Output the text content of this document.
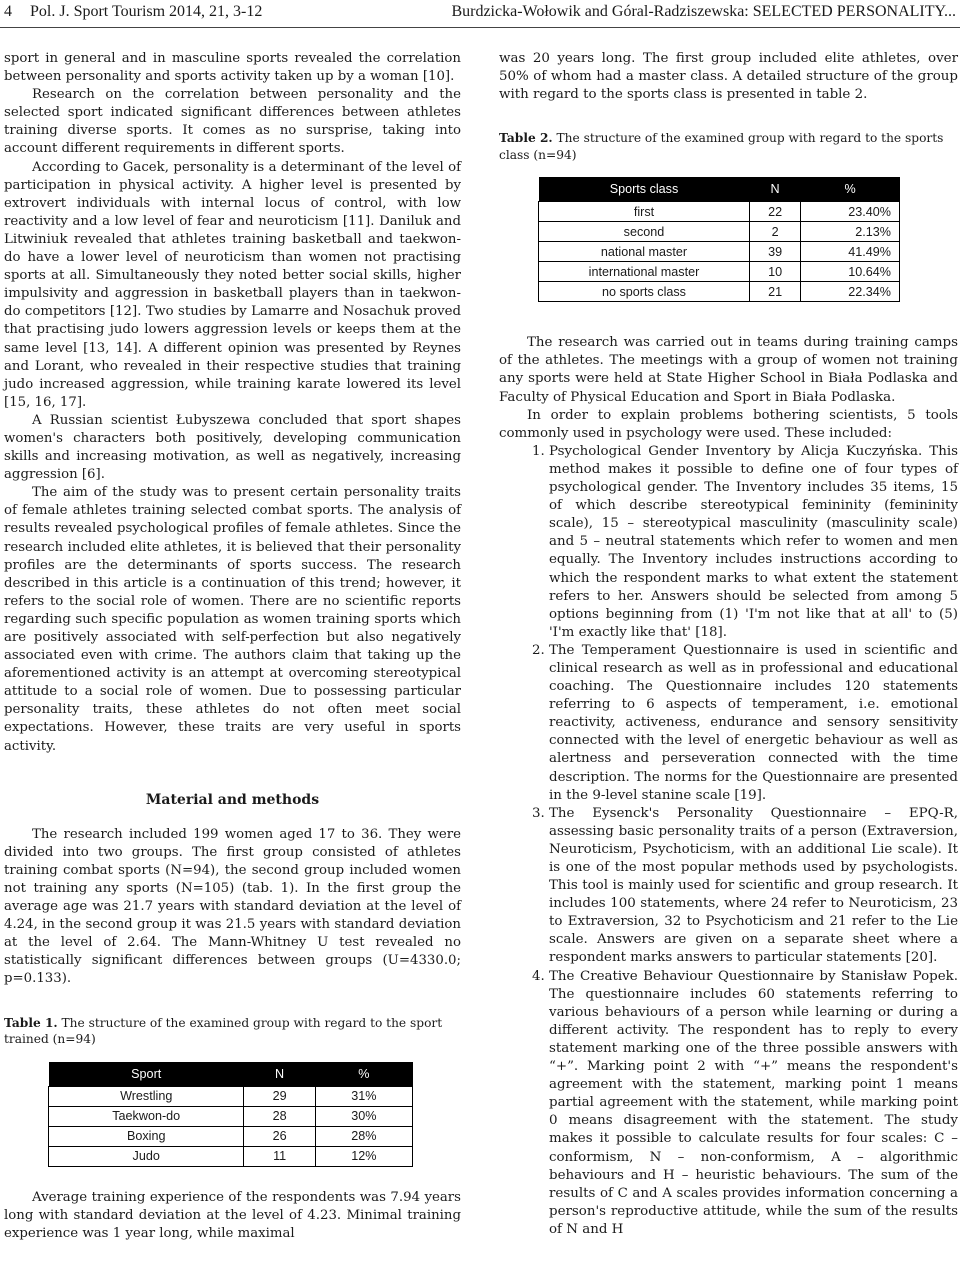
4 Pol. J. Sport Tourism 2014, 21, 3-12	Burdzicka-Wołowik and Góral-Radziszewska: SELECTED PERSONALITY...

sport in general and in masculine sports revealed the correlation between personality and sports activity taken up by a woman [10].

Research on the correlation between personality and the selected sport indicated significant differences between athletes training diverse sports. It comes as no sursprise, taking into account different requirements in different sports.

According to Gacek, personality is a determinant of the level of participation in physical activity. A higher level is presented by extrovert individuals with internal locus of control, with low reactivity and a low level of fear and neuroticism [11]. Daniluk and Litwiniuk revealed that athletes training basketball and taekwon-do have a lower level of neuroticism than women not practising sports at all. Simultaneously they noted better social skills, higher impulsivity and aggression in basketball players than in taekwon-do competitors [12]. Two studies by Lamarre and Nosachuk proved that practising judo lowers aggression levels or keeps them at the same level [13, 14]. A different opinion was presented by Reynes and Lorant, who revealed in their respective studies that training judo increased aggression, while training karate lowered its level [15, 16, 17].

A Russian scientist Łubyszewa concluded that sport shapes women's characters both positively, developing communication skills and increasing motivation, as well as negatively, increasing aggression [6].

The aim of the study was to present certain personality traits of female athletes training selected combat sports. The analysis of results revealed psychological profiles of female athletes. Since the research included elite athletes, it is believed that their personality profiles are the determinants of sports success. The research described in this article is a continuation of this trend; however, it refers to the social role of women. There are no scientific reports regarding such specific population as women training sports which are positively associated with self-perfection but also negatively associated even with crime. The authors claim that taking up the aforementioned activity is an attempt at overcoming stereotypical attitude to a social role of women. Due to possessing particular personality traits, these athletes do not often meet social expectations. However, these traits are very useful in sports activity.

Material and methods

The research included 199 women aged 17 to 36. They were divided into two groups. The first group consisted of athletes training combat sports (N=94), the second group included women not training any sports (N=105) (tab. 1). In the first group the average age was 21.7 years with standard deviation at the level of 4.24, in the second group it was 21.5 years with standard deviation at the level of 2.64. The Mann-Whitney U test revealed no statistically significant differences between groups (U=4330.0; p=0.133).

Table 1. The structure of the examined group with regard to the sport trained (n=94)
Sport	N	%
Wrestling	29	31%
Taekwon-do	28	30%
Boxing	26	28%
Judo	11	12%

Average training experience of the respondents was 7.94 years long with standard deviation at the level of 4.23. Minimal training experience was 1 year long, while maximal

was 20 years long. The first group included elite athletes, over 50% of whom had a master class. A detailed structure of the group with regard to the sports class is presented in table 2.

Table 2. The structure of the examined group with regard to the sports class (n=94)
Sports class	N	%
first	22	23.40%
second	2	2.13%
national master	39	41.49%
international master	10	10.64%
no sports class	21	22.34%

The research was carried out in teams during training camps of the athletes. The meetings with a group of women not training any sports were held at State Higher School in Biała Podlaska and Faculty of Physical Education and Sport in Biała Podlaska.

In order to explain problems bothering scientists, 5 tools commonly used in psychology were used. These included:

1. Psychological Gender Inventory by Alicja Kuczyńska. This method makes it possible to define one of four types of psychological gender. The Inventory includes 35 items, 15 of which describe stereotypical femininity (femininity scale), 15 – stereotypical masculinity (masculinity scale) and 5 – neutral statements which refer to women and men equally. The Inventory includes instructions according to which the respondent marks to what extent the statement refers to her. Answers should be selected from among 5 options beginning from (1) 'I'm not like that at all' to (5) 'I'm exactly like that' [18].
2. The Temperament Questionnaire is used in scientific and clinical research as well as in professional and educational coaching. The Questionnaire includes 120 statements referring to 6 aspects of temperament, i.e. emotional reactivity, activeness, endurance and sensory sensitivity connected with the level of energetic behaviour as well as alertness and perseveration connected with the time description. The norms for the Questionnaire are presented in the 9-level stanine scale [19].
3. The Eysenck's Personality Questionnaire – EPQ-R, assessing basic personality traits of a person (Extraversion, Neuroticism, Psychoticism, with an additional Lie scale). It is one of the most popular methods used by psychologists. This tool is mainly used for scientific and group research. It includes 100 statements, where 24 refer to Neuroticism, 23 to Extraversion, 32 to Psychoticism and 21 refer to the Lie scale. Answers are given on a separate sheet where a respondent marks answers to particular statements [20].
4. The Creative Behaviour Questionnaire by Stanisław Popek. The questionnaire includes 60 statements referring to various behaviours of a person while learning or during a different activity. The respondent has to reply to every statement marking one of the three possible answers with “+”. Marking point 2 with “+” means the respondent's agreement with the statement, marking point 1 means partial agreement with the statement, while marking point 0 means disagreement with the statement. The study makes it possible to calculate results for four scales: C – conformism, N – non-conformism, A – algorithmic behaviours and H – heuristic behaviours. The sum of the results of C and A scales provides information concerning a person's reproductive attitude, while the sum of the results of N and H
